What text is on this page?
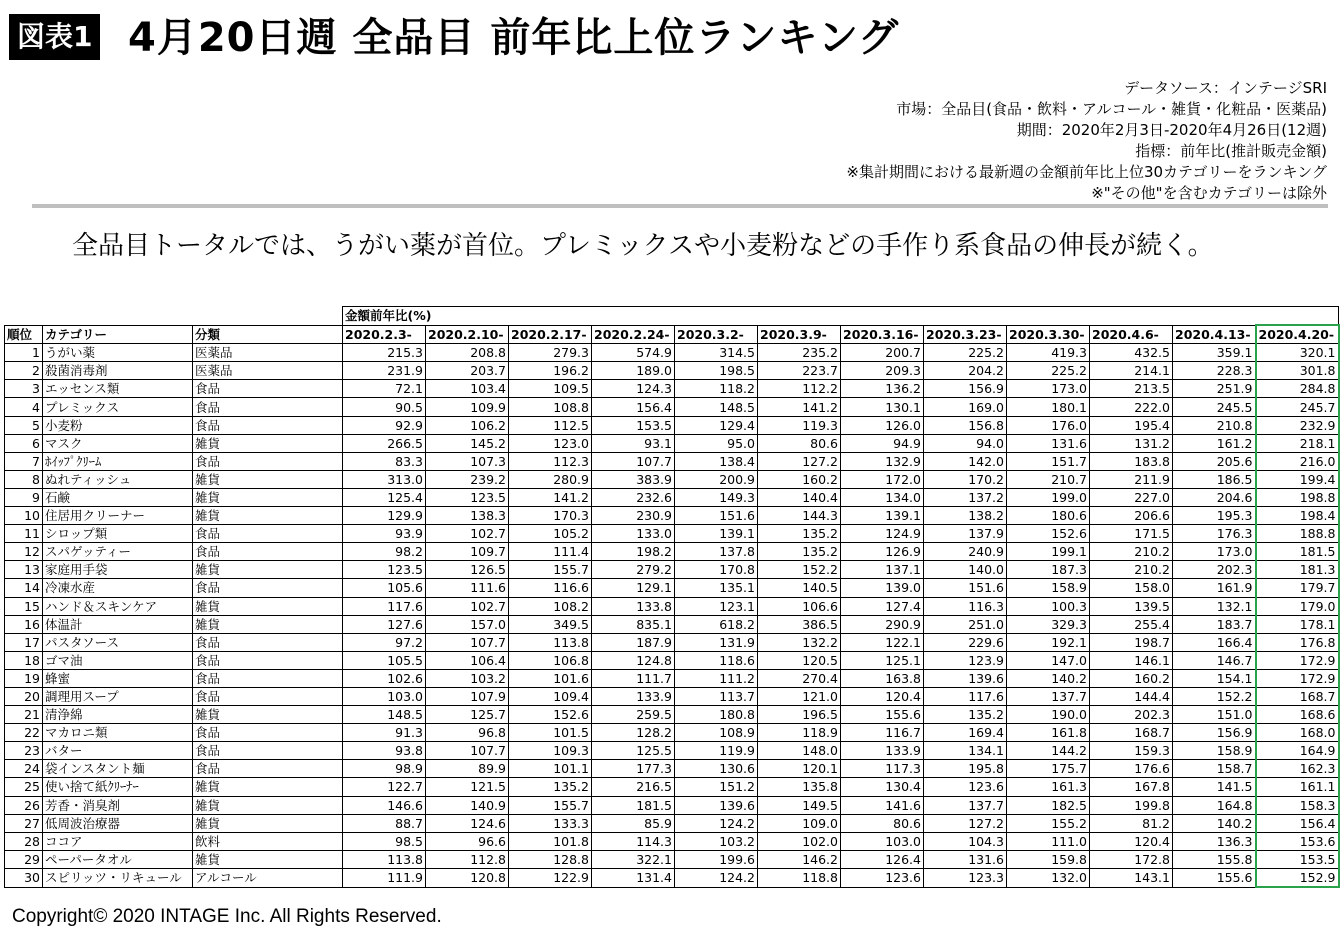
図表1 4月20日週 全品目 前年比上位ランキング
データソース：インテージSRI
市場：全品目(食品・飲料・アルコール・雑貨・化粧品・医薬品)
期間：2020年2月3日-2020年4月26日(12週)
指標：前年比(推計販売金額)
※集計期間における最新週の金額前年比上位30カテゴリーをランキング
※"その他"を含むカテゴリーは除外
全品目トータルでは、うがい薬が首位。プレミックスや小麦粉などの手作り系食品の伸長が続く。
			金額前年比(%)											
順位	カテゴリー	分類	2020.2.3-	2020.2.10-	2020.2.17-	2020.2.24-	2020.3.2-	2020.3.9-	2020.3.16-	2020.3.23-	2020.3.30-	2020.4.6-	2020.4.13-	2020.4.20-
1	うがい薬	医薬品	215.3	208.8	279.3	574.9	314.5	235.2	200.7	225.2	419.3	432.5	359.1	320.1
2	殺菌消毒剤	医薬品	231.9	203.7	196.2	189.0	198.5	223.7	209.3	204.2	225.2	214.1	228.3	301.8
3	エッセンス類	食品	72.1	103.4	109.5	124.3	118.2	112.2	136.2	156.9	173.0	213.5	251.9	284.8
4	プレミックス	食品	90.5	109.9	108.8	156.4	148.5	141.2	130.1	169.0	180.1	222.0	245.5	245.7
5	小麦粉	食品	92.9	106.2	112.5	153.5	129.4	119.3	126.0	156.8	176.0	195.4	210.8	232.9
6	マスク	雑貨	266.5	145.2	123.0	93.1	95.0	80.6	94.9	94.0	131.6	131.2	161.2	218.1
7	ﾎｲｯﾌﾟｸﾘｰﾑ	食品	83.3	107.3	112.3	107.7	138.4	127.2	132.9	142.0	151.7	183.8	205.6	216.0
8	ぬれティッシュ	雑貨	313.0	239.2	280.9	383.9	200.9	160.2	172.0	170.2	210.7	211.9	186.5	199.4
9	石鹸	雑貨	125.4	123.5	141.2	232.6	149.3	140.4	134.0	137.2	199.0	227.0	204.6	198.8
10	住居用クリーナー	雑貨	129.9	138.3	170.3	230.9	151.6	144.3	139.1	138.2	180.6	206.6	195.3	198.4
11	シロップ類	食品	93.9	102.7	105.2	133.0	139.1	135.2	124.9	137.9	152.6	171.5	176.3	188.8
12	スパゲッティー	食品	98.2	109.7	111.4	198.2	137.8	135.2	126.9	240.9	199.1	210.2	173.0	181.5
13	家庭用手袋	雑貨	123.5	126.5	155.7	279.2	170.8	152.2	137.1	140.0	187.3	210.2	202.3	181.3
14	冷凍水産	食品	105.6	111.6	116.6	129.1	135.1	140.5	139.0	151.6	158.9	158.0	161.9	179.7
15	ハンド＆スキンケア	雑貨	117.6	102.7	108.2	133.8	123.1	106.6	127.4	116.3	100.3	139.5	132.1	179.0
16	体温計	雑貨	127.6	157.0	349.5	835.1	618.2	386.5	290.9	251.0	329.3	255.4	183.7	178.1
17	パスタソース	食品	97.2	107.7	113.8	187.9	131.9	132.2	122.1	229.6	192.1	198.7	166.4	176.8
18	ゴマ油	食品	105.5	106.4	106.8	124.8	118.6	120.5	125.1	123.9	147.0	146.1	146.7	172.9
19	蜂蜜	食品	102.6	103.2	101.6	111.7	111.2	270.4	163.8	139.6	140.2	160.2	154.1	172.9
20	調理用スープ	食品	103.0	107.9	109.4	133.9	113.7	121.0	120.4	117.6	137.7	144.4	152.2	168.7
21	清浄綿	雑貨	148.5	125.7	152.6	259.5	180.8	196.5	155.6	135.2	190.0	202.3	151.0	168.6
22	マカロニ類	食品	91.3	96.8	101.5	128.2	108.9	118.9	116.7	169.4	161.8	168.7	156.9	168.0
23	バター	食品	93.8	107.7	109.3	125.5	119.9	148.0	133.9	134.1	144.2	159.3	158.9	164.9
24	袋インスタント麺	食品	98.9	89.9	101.1	177.3	130.6	120.1	117.3	195.8	175.7	176.6	158.7	162.3
25	使い捨て紙ｸﾘｰﾅｰ	雑貨	122.7	121.5	135.2	216.5	151.2	135.8	130.4	123.6	161.3	167.8	141.5	161.1
26	芳香・消臭剤	雑貨	146.6	140.9	155.7	181.5	139.6	149.5	141.6	137.7	182.5	199.8	164.8	158.3
27	低周波治療器	雑貨	88.7	124.6	133.3	85.9	124.2	109.0	80.6	127.2	155.2	81.2	140.2	156.4
28	ココア	飲料	98.5	96.6	101.8	114.3	103.2	102.0	103.0	104.3	111.0	120.4	136.3	153.6
29	ペーパータオル	雑貨	113.8	112.8	128.8	322.1	199.6	146.2	126.4	131.6	159.8	172.8	155.8	153.5
30	スピリッツ・リキュール	アルコール	111.9	120.8	122.9	131.4	124.2	118.8	123.6	123.3	132.0	143.1	155.6	152.9
Copyright© 2020 INTAGE Inc. All Rights Reserved.
